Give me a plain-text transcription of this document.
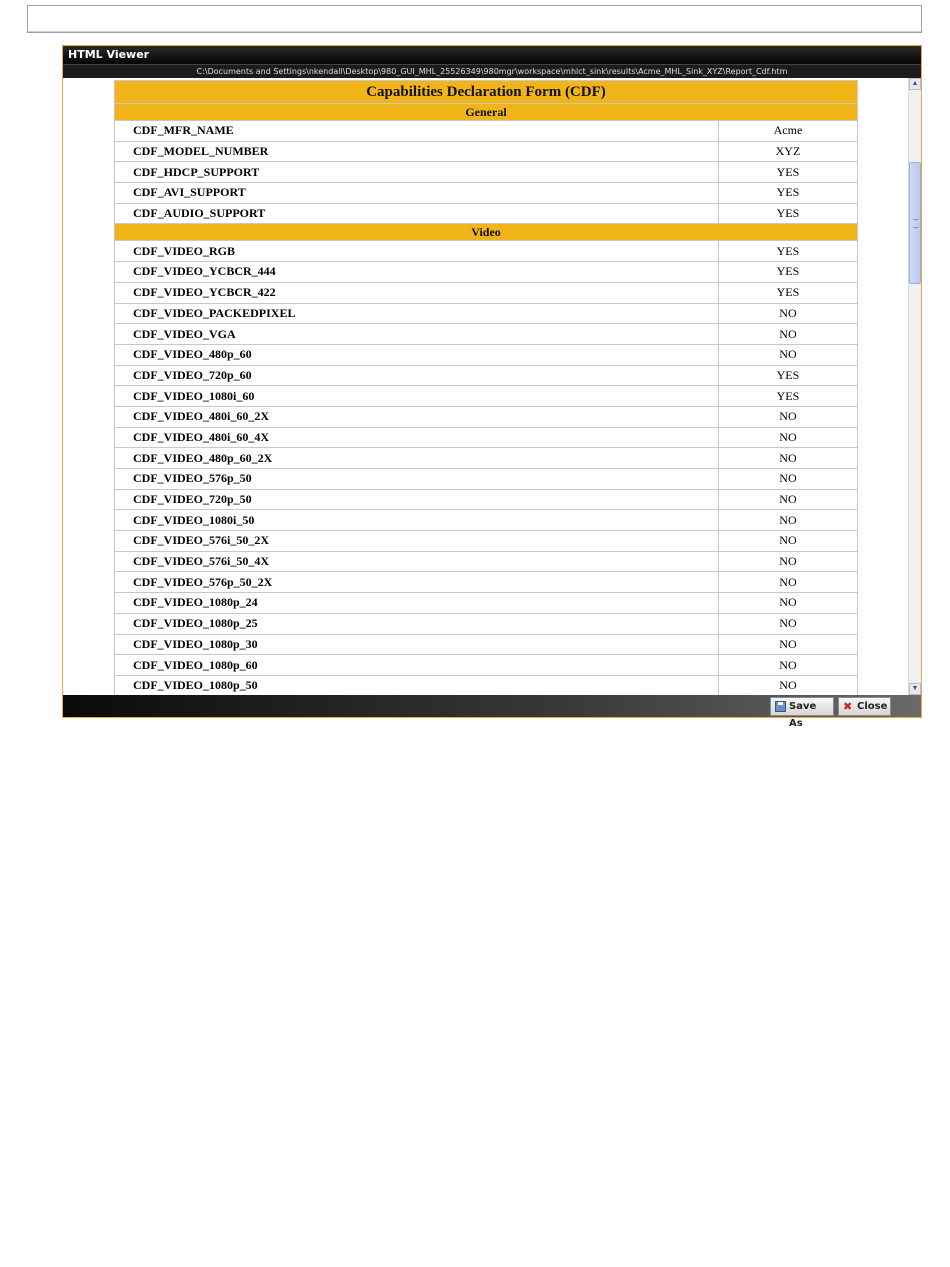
HTML Viewer
C:\Documents and Settings\nkendall\Desktop\980_GUI_MHL_25526349\980mgr\workspace\mhlct_sink\results\Acme_MHL_Sink_XYZ\Report_Cdf.htm
Capabilities Declaration Form (CDF)	
General	
CDF_MFR_NAME	Acme
CDF_MODEL_NUMBER	XYZ
CDF_HDCP_SUPPORT	YES
CDF_AVI_SUPPORT	YES
CDF_AUDIO_SUPPORT	YES
Video	
CDF_VIDEO_RGB	YES
CDF_VIDEO_YCBCR_444	YES
CDF_VIDEO_YCBCR_422	YES
CDF_VIDEO_PACKEDPIXEL	NO
CDF_VIDEO_VGA	NO
CDF_VIDEO_480p_60	NO
CDF_VIDEO_720p_60	YES
CDF_VIDEO_1080i_60	YES
CDF_VIDEO_480i_60_2X	NO
CDF_VIDEO_480i_60_4X	NO
CDF_VIDEO_480p_60_2X	NO
CDF_VIDEO_576p_50	NO
CDF_VIDEO_720p_50	NO
CDF_VIDEO_1080i_50	NO
CDF_VIDEO_576i_50_2X	NO
CDF_VIDEO_576i_50_4X	NO
CDF_VIDEO_576p_50_2X	NO
CDF_VIDEO_1080p_24	NO
CDF_VIDEO_1080p_25	NO
CDF_VIDEO_1080p_30	NO
CDF_VIDEO_1080p_60	NO
CDF_VIDEO_1080p_50	NO
▲
▼
Save As
✖ Close
